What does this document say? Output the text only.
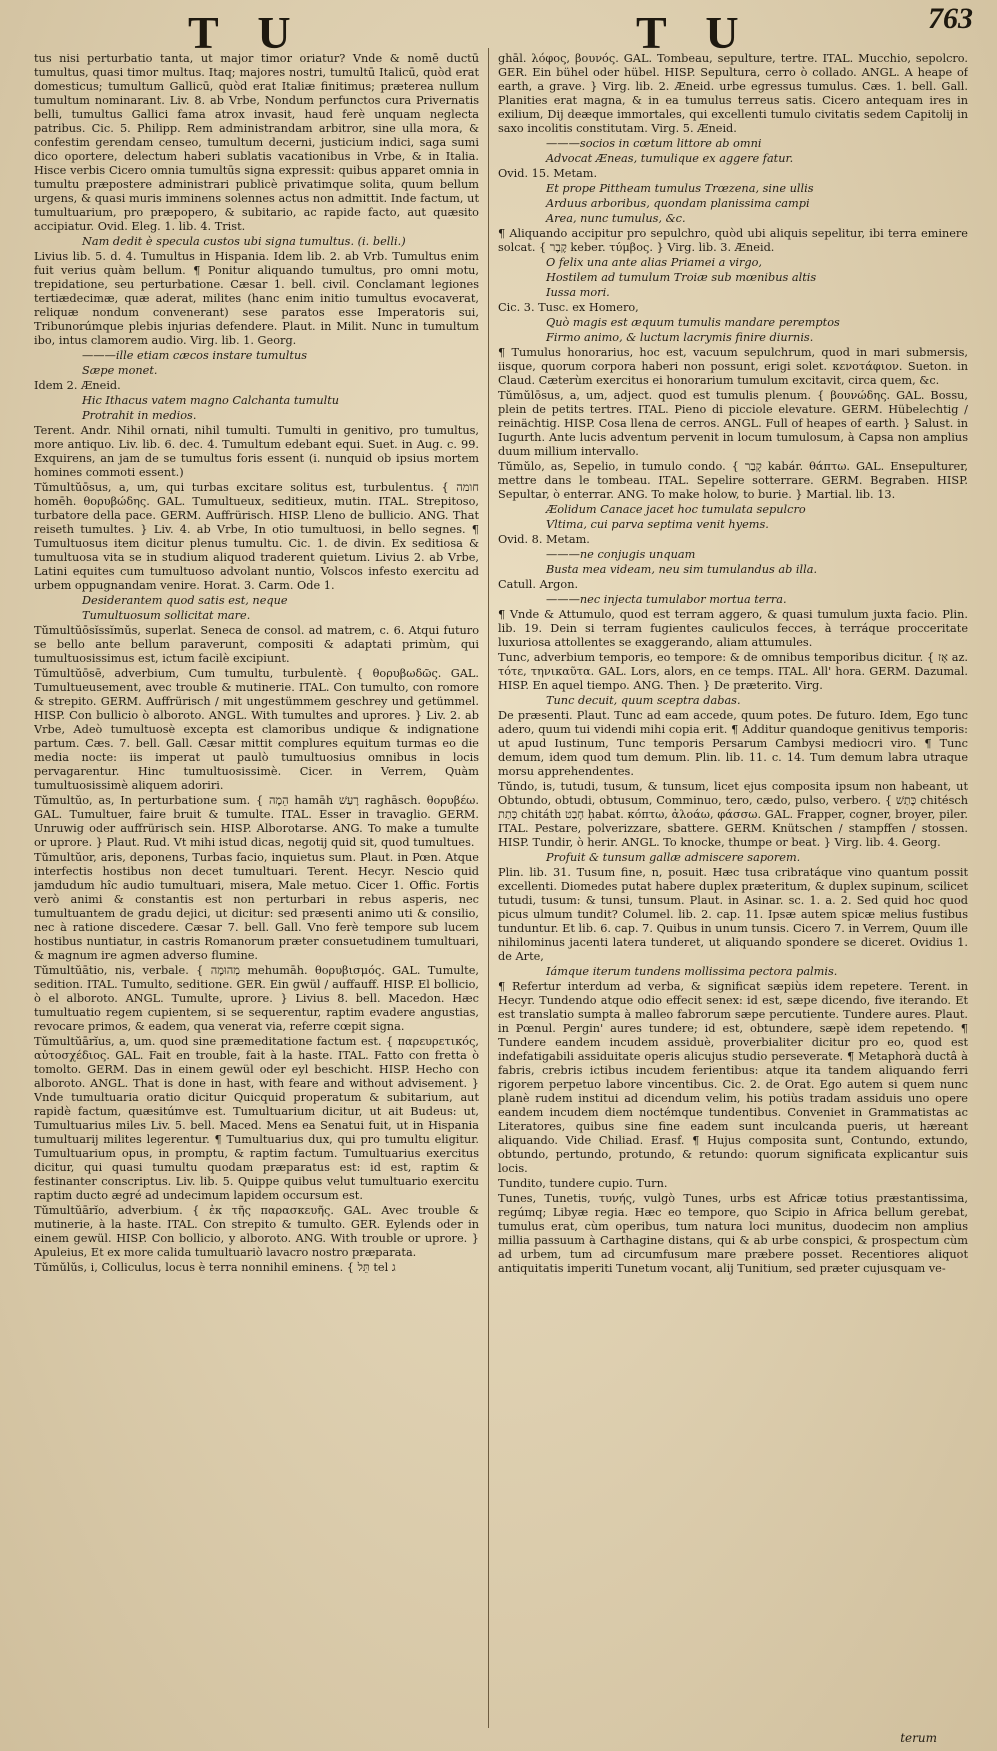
T U	T U	763

tus nisi perturbatio tanta, ut major timor oriatur? Vnde & nomē ductū tumultus, quasi timor multus. Itaq; majores nostri, tumultū Italicū, quòd erat domesticus; tumultum Gallicū, quòd erat Italiæ finitimus; præterea nullum tumultum nominarant. Liv. 8. ab Vrbe, Nondum perfunctos cura Privernatis belli, tumultus Gallici fama atrox invasit, haud ferè unquam neglecta patribus. Cic. 5. Philipp. Rem administrandam arbitror, sine ulla mora, & confestim gerendam censeo, tumultum decerni, justicium indici, saga sumi dico oportere, delectum haberi sublatis vacationibus in Vrbe, & in Italia. Hisce verbis Cicero omnia tumultūs signa expressit: quibus apparet omnia in tumultu præpostere administrari publicè privatimque solita, quum bellum urgens, & quasi muris imminens solennes actus non admittit. Inde factum, ut tumultuarium, pro præpopero, & subitario, ac rapide facto, aut quæsito accipiatur. Ovid. Eleg. 1. lib. 4. Trist.

Nam dedit è specula custos ubi signa tumultus. (i. belli.)

Livius lib. 5. d. 4. Tumultus in Hispania. Idem lib. 2. ab Vrb. Tumultus enim fuit verius quàm bellum. ¶ Ponitur aliquando tumultus, pro omni motu, trepidatione, seu perturbatione. Cæsar 1. bell. civil. Conclamant legiones tertiædecimæ, quæ aderat, milites (hanc enim initio tumultus evocaverat, reliquæ nondum convenerant) sese paratos esse Imperatoris sui, Tribunorúmque plebis injurias defendere. Plaut. in Milit. Nunc in tumultum ibo, intus clamorem audio. Virg. lib. 1. Georg.

———ille etiam cæcos instare tumultus

Sæpe monet.

Idem 2. Æneid.

Hic Ithacus vatem magno Calchanta tumultu

Protrahit in medios.

Terent. Andr. Nihil ornati, nihil tumulti. Tumulti in genitivo, pro tumultus, more antiquo. Liv. lib. 6. dec. 4. Tumultum edebant equi. Suet. in Aug. c. 99. Exquirens, an jam de se tumultus foris essent (i. nunquid ob ipsius mortem homines commoti essent.)

Tŭmultŭōsus, a, um, qui turbas excitare solitus est, turbulentus. { חומה homēh. θορυβώδης. GAL. Tumultueux, seditieux, mutin. ITAL. Strepitoso, turbatore della pace. GERM. Auffrürisch. HISP. Lleno de bullicio. ANG. That reiseth tumultes. } Liv. 4. ab Vrbe, In otio tumultuosi, in bello segnes. ¶ Tumultuosus item dicitur plenus tumultu. Cic. 1. de divin. Ex seditiosa & tumultuosa vita se in studium aliquod traderent quietum. Livius 2. ab Vrbe, Latini equites cum tumultuoso advolant nuntio, Volscos infesto exercitu ad urbem oppugnandam venire. Horat. 3. Carm. Ode 1.

Desiderantem quod satis est, neque

Tumultuosum sollicitat mare.

Tŭmultŭōsĭssĭmŭs, superlat. Seneca de consol. ad matrem, c. 6. Atqui futuro se bello ante bellum paraverunt, compositi & adaptati primùm, qui tumultuosissimus est, ictum facilè excipiunt.

Tŭmultŭōsē, adverbium, Cum tumultu, turbulentè. { θορυβωδῶς. GAL. Tumultueusement, avec trouble & mutinerie. ITAL. Con tumulto, con romore & strepito. GERM. Auffrürisch / mit ungestümmem geschrey und getümmel. HISP. Con bullicio ò alboroto. ANGL. With tumultes and uprores. } Liv. 2. ab Vrbe, Adeò tumultuosè excepta est clamoribus undique & indignatione partum. Cæs. 7. bell. Gall. Cæsar mittit complures equitum turmas eo die media nocte: iis imperat ut paulò tumultuosius omnibus in locis pervagarentur. Hinc tumultuosissimè. Cicer. in Verrem, Quàm tumultuosissimè aliquem adoriri.

Tŭmultŭo, as, In perturbatione sum. { הֵמָה hamāh רָעַשׁ raghāsch. θορυβέω. GAL. Tumultuer, faire bruit & tumulte. ITAL. Esser in travaglio. GERM. Unruwig oder auffrürisch sein. HISP. Alborotarse. ANG. To make a tumulte or uprore. } Plaut. Rud. Vt mihi istud dicas, negotij quid sit, quod tumultues.

Tŭmultŭor, aris, deponens, Turbas facio, inquietus sum. Plaut. in Pœn. Atque interfectis hostibus non decet tumultuari. Terent. Hecyr. Nescio quid jamdudum hîc audio tumultuari, misera, Male metuo. Cicer 1. Offic. Fortis verò animi & constantis est non perturbari in rebus asperis, nec tumultuantem de gradu dejici, ut dicitur: sed præsenti animo uti & consilio, nec à ratione discedere. Cæsar 7. bell. Gall. Vno ferè tempore sub lucem hostibus nuntiatur, in castris Romanorum præter consuetudinem tumultuari, & magnum ire agmen adverso flumine.

Tŭmultŭātio, nis, verbale. { מְהוּמָה mehumāh. θορυβισμός. GAL. Tumulte, sedition. ITAL. Tumulto, seditione. GER. Ein gwül / auffauff. HISP. El bollicio, ò el alboroto. ANGL. Tumulte, uprore. } Livius 8. bell. Macedon. Hæc tumultuatio regem cupientem, si se sequerentur, raptim evadere angustias, revocare primos, & eadem, qua venerat via, referre cœpit signa.

Tŭmultŭārĭus, a, um. quod sine præmeditatione factum est. { παρευρετικός, αὐτοσχέδιος. GAL. Fait en trouble, fait à la haste. ITAL. Fatto con fretta ò tomolto. GERM. Das in einem gewül oder eyl beschicht. HISP. Hecho con alboroto. ANGL. That is done in hast, with feare and without advisement. } Vnde tumultuaria oratio dicitur Quicquid properatum & subitarium, aut rapidè factum, quæsitúmve est. Tumultuarium dicitur, ut ait Budeus: ut, Tumultuarius miles Liv. 5. bell. Maced. Mens ea Senatui fuit, ut in Hispania tumultuarij milites legerentur. ¶ Tumultuarius dux, qui pro tumultu eligitur. Tumultuarium opus, in promptu, & raptim factum. Tumultuarius exercitus dicitur, qui quasi tumultu quodam præparatus est: id est, raptim & festinanter conscriptus. Liv. lib. 5. Quippe quibus velut tumultuario exercitu raptim ducto ægré ad undecimum lapidem occursum est.

Tŭmultŭārĭo, adverbium. { ἐκ τῆς παρασκευῆς. GAL. Avec trouble & mutinerie, à la haste. ITAL. Con strepito & tumulto. GER. Eylends oder in einem gewül. HISP. Con bollicio, y alboroto. ANG. With trouble or uprore. } Apuleius, Et ex more calida tumultuariò lavacro nostro præparata.

Tŭmŭlŭs, i, Colliculus, locus è terra nonnihil eminens. { תֵּל tel ג

ghāl. λόφος, βουνός. GAL. Tombeau, sepulture, tertre. ITAL. Mucchio, sepolcro. GER. Ein bühel oder hübel. HISP. Sepultura, cerro ò collado. ANGL. A heape of earth, a grave. } Virg. lib. 2. Æneid. urbe egressus tumulus. Cæs. 1. bell. Gall. Planities erat magna, & in ea tumulus terreus satis. Cicero antequam ires in exilium, Dij deæque immortales, qui excellenti tumulo civitatis sedem Capitolij in saxo incolitis constitutam. Virg. 5. Æneid.

———socios in cœtum littore ab omni

Advocat Æneas, tumulique ex aggere fatur.

Ovid. 15. Metam.

Et prope Pittheam tumulus Trœzena, sine ullis

Arduus arboribus, quondam planissima campi

Area, nunc tumulus, &c.

¶ Aliquando accipitur pro sepulchro, quòd ubi aliquis sepelitur, ibi terra eminere solcat. { קֶבֶר keber. τύμβος. } Virg. lib. 3. Æneid.

O felix una ante alias Priamei a virgo,

Hostilem ad tumulum Troiæ sub mœnibus altis

Iussa mori.

Cic. 3. Tusc. ex Homero,

Quò magis est æquum tumulis mandare peremptos

Firmo animo, & luctum lacrymis finire diurnis.

¶ Tumulus honorarius, hoc est, vacuum sepulchrum, quod in mari submersis, iisque, quorum corpora haberi non possunt, erigi solet. κενοτάφιον. Sueton. in Claud. Cæterùm exercitus ei honorarium tumulum excitavit, circa quem, &c.

Tŭmŭlōsus, a, um, adject. quod est tumulis plenum. { βουνώδης. GAL. Bossu, plein de petits tertres. ITAL. Pieno di picciole elevature. GERM. Hübelechtig / reinächtig. HISP. Cosa llena de cerros. ANGL. Full of heapes of earth. } Salust. in Iugurth. Ante lucis adventum pervenit in locum tumulosum, à Capsa non amplius duum millium intervallo.

Tŭmŭlo, as, Sepelio, in tumulo condo. { קָבַר kabár. θάπτω. GAL. Ensepulturer, mettre dans le tombeau. ITAL. Sepelire sotterrare. GERM. Begraben. HISP. Sepultar, ò enterrar. ANG. To make holow, to burie. } Martial. lib. 13.

Æolidum Canace jacet hoc tumulata sepulcro

Vltima, cui parva septima venit hyems.

Ovid. 8. Metam.

———ne conjugis unquam

Busta mea videam, neu sim tumulandus ab illa.

Catull. Argon.

———nec injecta tumulabor mortua terra.

¶ Vnde & Attumulo, quod est terram aggero, & quasi tumulum juxta facio. Plin. lib. 19. Dein si terram fugientes cauliculos fecces, à terráque procceritate luxuriosa attollentes se exaggerando, aliam attumules.

Tunc, adverbium temporis, eo tempore: & de omnibus temporibus dicitur. { אָז az. τότε, τηνικαῦτα. GAL. Lors, alors, en ce temps. ITAL. All' hora. GERM. Dazumal. HISP. En aquel tiempo. ANG. Then. } De præterito. Virg.

Tunc decuit, quum sceptra dabas.

De præsenti. Plaut. Tunc ad eam accede, quum potes. De futuro. Idem, Ego tunc adero, quum tui videndi mihi copia erit. ¶ Additur quandoque genitivus temporis: ut apud Iustinum, Tunc temporis Persarum Cambysi mediocri viro. ¶ Tunc demum, idem quod tum demum. Plin. lib. 11. c. 14. Tum demum labra utraque morsu apprehendentes.

Tŭndo, is, tutudi, tusum, & tunsum, licet ejus composita ipsum non habeant, ut Obtundo, obtudi, obtusum, Comminuo, tero, cædo, pulso, verbero. { כָּתַשׁ chitésch כָּתַת chitáth חָבַט ḥabat. κόπτω, ἀλοάω, φάσσω. GAL. Frapper, cogner, broyer, piler. ITAL. Pestare, polverizzare, sbattere. GERM. Knütschen / stampffen / stossen. HISP. Tundir, ò herir. ANGL. To knocke, thumpe or beat. } Virg. lib. 4. Georg.

Profuit & tunsum gallæ admiscere saporem.

Plin. lib. 31. Tusum fine, n, posuit. Hæc tusa cribratáque vino quantum possit excellenti. Diomedes putat habere duplex præteritum, & duplex supinum, scilicet tutudi, tusum: & tunsi, tunsum. Plaut. in Asinar. sc. 1. a. 2. Sed quid hoc quod picus ulmum tundit? Columel. lib. 2. cap. 11. Ipsæ autem spicæ melius fustibus tunduntur. Et lib. 6. cap. 7. Quibus in unum tunsis. Cicero 7. in Verrem, Quum ille nihilominus jacenti latera tunderet, ut aliquando spondere se diceret. Ovidius 1. de Arte,

Iámque iterum tundens mollissima pectora palmis.

¶ Refertur interdum ad verba, & significat sæpiùs idem repetere. Terent. in Hecyr. Tundendo atque odio effecit senex: id est, sæpe dicendo, five iterando. Et est translatio sumpta à malleo fabrorum sæpe percutiente. Tundere aures. Plaut. in Pœnul. Pergin' aures tundere; id est, obtundere, sæpè idem repetendo. ¶ Tundere eandem incudem assiduè, proverbialiter dicitur pro eo, quod est indefatigabili assiduitate operis alicujus studio perseverate. ¶ Metaphorà ductâ à fabris, crebris ictibus incudem ferientibus: atque ita tandem aliquando ferri rigorem perpetuo labore vincentibus. Cic. 2. de Orat. Ego autem si quem nunc planè rudem institui ad dicendum velim, his potiùs tradam assiduis uno opere eandem incudem diem noctémque tundentibus. Conveniet in Grammatistas ac Literatores, quibus sine fine eadem sunt inculcanda pueris, ut hæreant aliquando. Vide Chiliad. Erasf. ¶ Hujus composita sunt, Contundo, extundo, obtundo, pertundo, protundo, & retundo: quorum significata explicantur suis locis.

Tundito, tundere cupio. Turn.

Tunes, Tunetis, τυνής, vulgò Tunes, urbs est Africæ totius præstantissima, regúmq; Libyæ regia. Hæc eo tempore, quo Scipio in Africa bellum gerebat, tumulus erat, cùm operibus, tum natura loci munitus, duodecim non amplius millia passuum à Carthagine distans, qui & ab urbe conspici, & prospectum cùm ad urbem, tum ad circumfusum mare præbere posset. Recentiores aliquot antiquitatis imperiti Tunetum vocant, alij Tunitium, sed præter cujusquam ve-

terum
